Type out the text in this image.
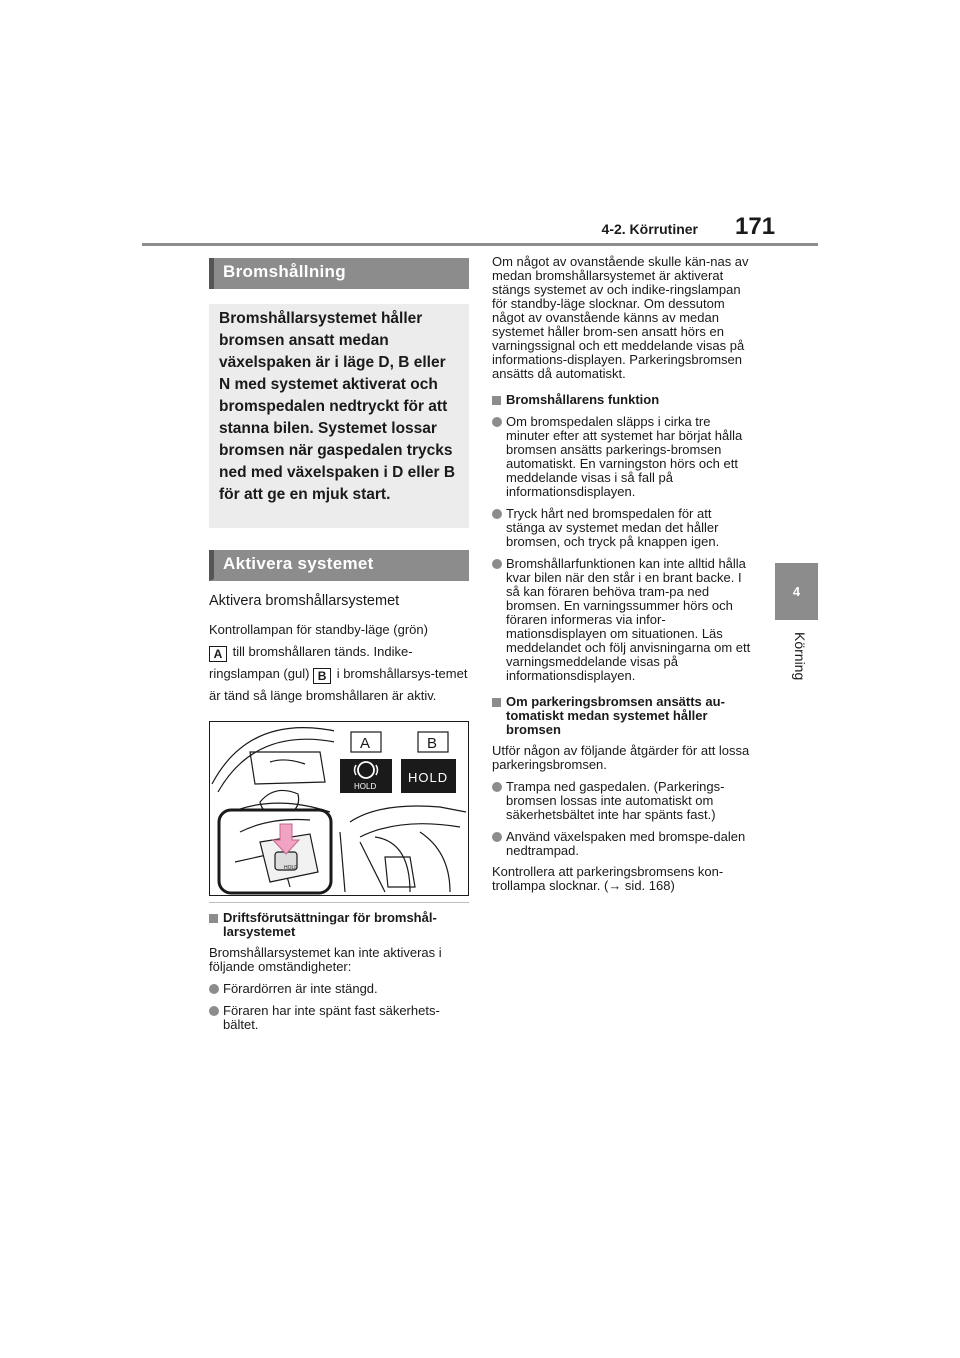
4-2. Körrutiner 171
4
Körning
Bromshållning
Bromshållarsystemet håller bromsen ansatt medan växelspaken är i läge D, B eller N med systemet aktiverat och bromspedalen nedtryckt för att stanna bilen. Systemet lossar bromsen när gaspedalen trycks ned med växelspaken i D eller B för att ge en mjuk start.
Aktivera systemet
Aktivera bromshållarsystemet
Kontrollampan för standby-läge (grön)
A till bromshållaren tänds. Indike-ringslampan (gul) B i bromshållarsys-temet är tänd så länge bromshållaren är aktiv.
HOLD
A	B
HOLD
HOLD
Driftsförutsättningar för bromshål-larsystemet
Bromshållarsystemet kan inte aktiveras i följande omständigheter:
Förardörren är inte stängd.
Föraren har inte spänt fast säkerhets-bältet.
Om något av ovanstående skulle kän-nas av medan bromshållarsystemet är aktiverat stängs systemet av och indike-ringslampan för standby-läge slocknar. Om dessutom något av ovanstående känns av medan systemet håller brom-sen ansatt hörs en varningssignal och ett meddelande visas på informations-displayen. Parkeringsbromsen ansätts då automatiskt.
Bromshållarens funktion
Om bromspedalen släpps i cirka tre minuter efter att systemet har börjat hålla bromsen ansätts parkerings-bromsen automatiskt. En varningston hörs och ett meddelande visas i så fall på informationsdisplayen.
Tryck hårt ned bromspedalen för att stänga av systemet medan det håller bromsen, och tryck på knappen igen.
Bromshållarfunktionen kan inte alltid hålla kvar bilen när den står i en brant backe. I så kan föraren behöva tram-pa ned bromsen. En varningssummer hörs och föraren informeras via infor-mationsdisplayen om situationen. Läs meddelandet och följ anvisningarna om ett varningsmeddelande visas på informationsdisplayen.
Om parkeringsbromsen ansätts au-tomatiskt medan systemet håller bromsen
Utför någon av följande åtgärder för att lossa parkeringsbromsen.
Trampa ned gaspedalen. (Parkerings-bromsen lossas inte automatiskt om säkerhetsbältet inte har spänts fast.)
Använd växelspaken med bromspe-dalen nedtrampad.
Kontrollera att parkeringsbromsens kon-trollampa slocknar. (→ sid. 168)
